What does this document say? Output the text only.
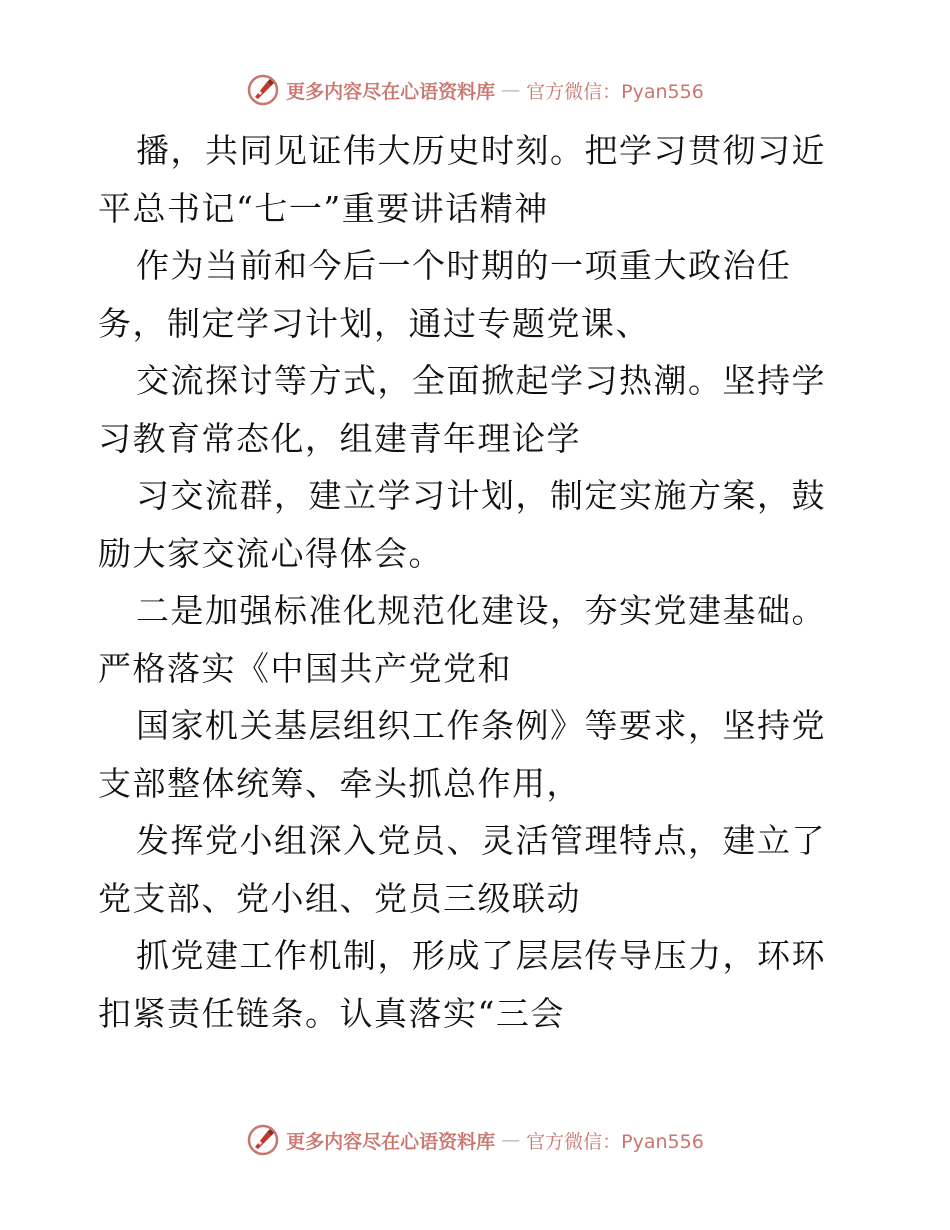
更多内容尽在心语资料库 — 官方微信：Pyan556

播，共同见证伟大历史时刻。把学习贯彻习近平总书记“七一”重要讲话精神

作为当前和今后一个时期的一项重大政治任务，制定学习计划，通过专题党课、

交流探讨等方式，全面掀起学习热潮。坚持学习教育常态化，组建青年理论学

习交流群，建立学习计划，制定实施方案，鼓励大家交流心得体会。

二是加强标准化规范化建设，夯实党建基础。严格落实《中国共产党党和

国家机关基层组织工作条例》等要求，坚持党支部整体统筹、牵头抓总作用，

发挥党小组深入党员、灵活管理特点，建立了党支部、党小组、党员三级联动

抓党建工作机制，形成了层层传导压力，环环扣紧责任链条。认真落实“三会

更多内容尽在心语资料库 — 官方微信：Pyan556
